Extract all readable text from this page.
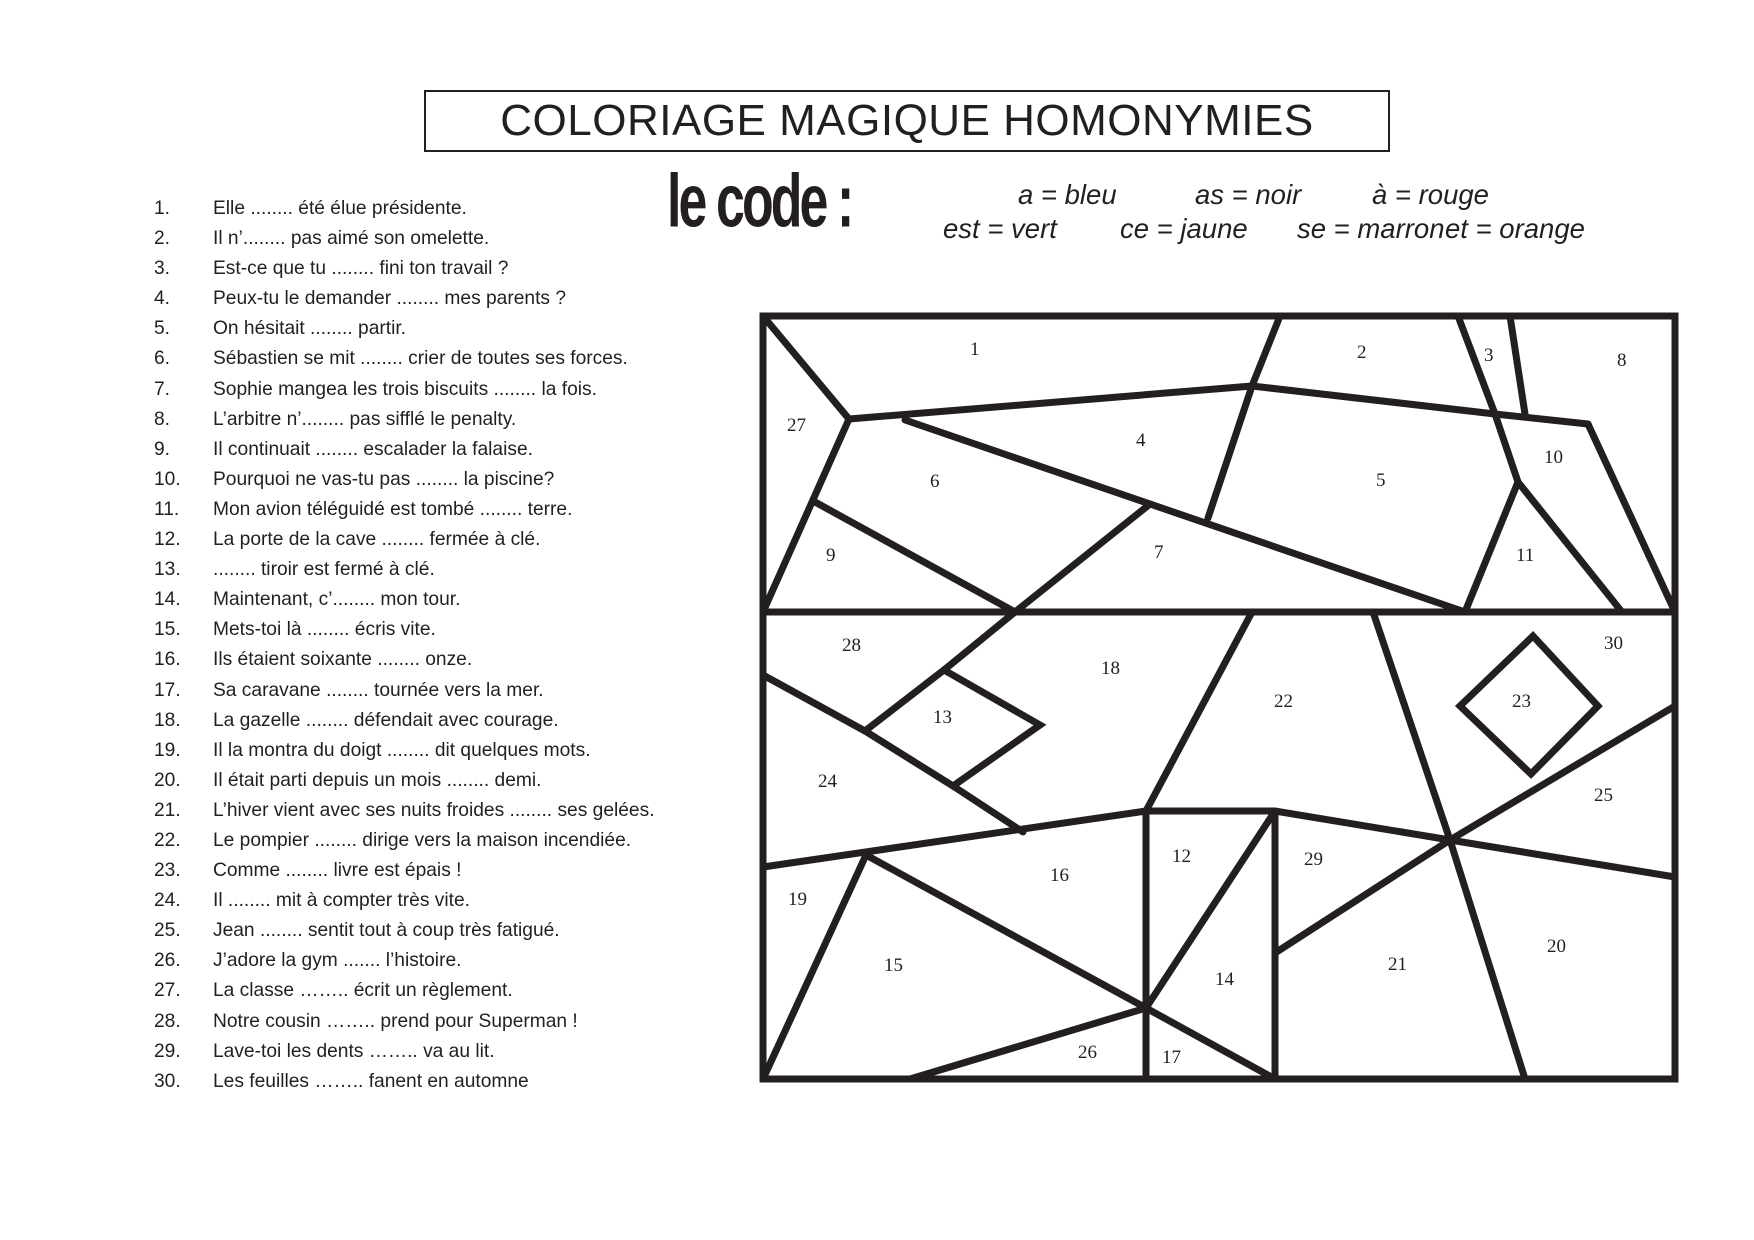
COLORIAGE MAGIQUE HOMONYMIES
1.	Elle ........ été élue présidente.
2.	Il n’........ pas aimé son omelette.
3.	Est-ce que tu ........ fini ton travail ?
4.	Peux-tu le demander ........ mes parents ?
5.	On hésitait ........ partir.
6.	Sébastien se mit ........ crier de toutes ses forces.
7.	Sophie mangea les trois biscuits ........ la fois.
8.	L’arbitre n’........ pas sifflé le penalty.
9.	Il continuait ........ escalader la falaise.
10.	Pourquoi ne vas-tu pas ........ la piscine?
11.	Mon avion téléguidé est tombé ........ terre.
12.	La porte de la cave ........ fermée à clé.
13.	........ tiroir est fermé à clé.
14.	Maintenant, c’........ mon tour.
15.	Mets-toi là ........ écris vite.
16.	Ils étaient soixante ........ onze.
17.	Sa caravane ........ tournée vers la mer.
18.	La gazelle ........ défendait avec courage.
19.	Il la montra du doigt ........ dit quelques mots.
20.	Il était parti depuis un mois ........ demi.
21.	L’hiver vient avec ses nuits froides ........ ses gelées.
22.	Le pompier ........ dirige vers la maison incendiée.
23.	Comme ........ livre est épais !
24.	Il ........ mit à compter très vite.
25.	Jean ........ sentit tout à coup très fatigué.
26.	J’adore la gym ....... l’histoire.
27.	La classe …….. écrit un règlement.
28.	Notre cousin …….. prend pour Superman !
29.	Lave-toi les dents …….. va au lit.
30.	Les feuilles …….. fanent en automne
le code :	a = bleu	as = noir	à = rouge
est = vert ce = jaune se = marron et = orange
1	2	3
4
5
6
7
8
9
10
11
12
13
14
15
16
17
18
19
20
21
22	23
24
25
26
27
28
29
30
